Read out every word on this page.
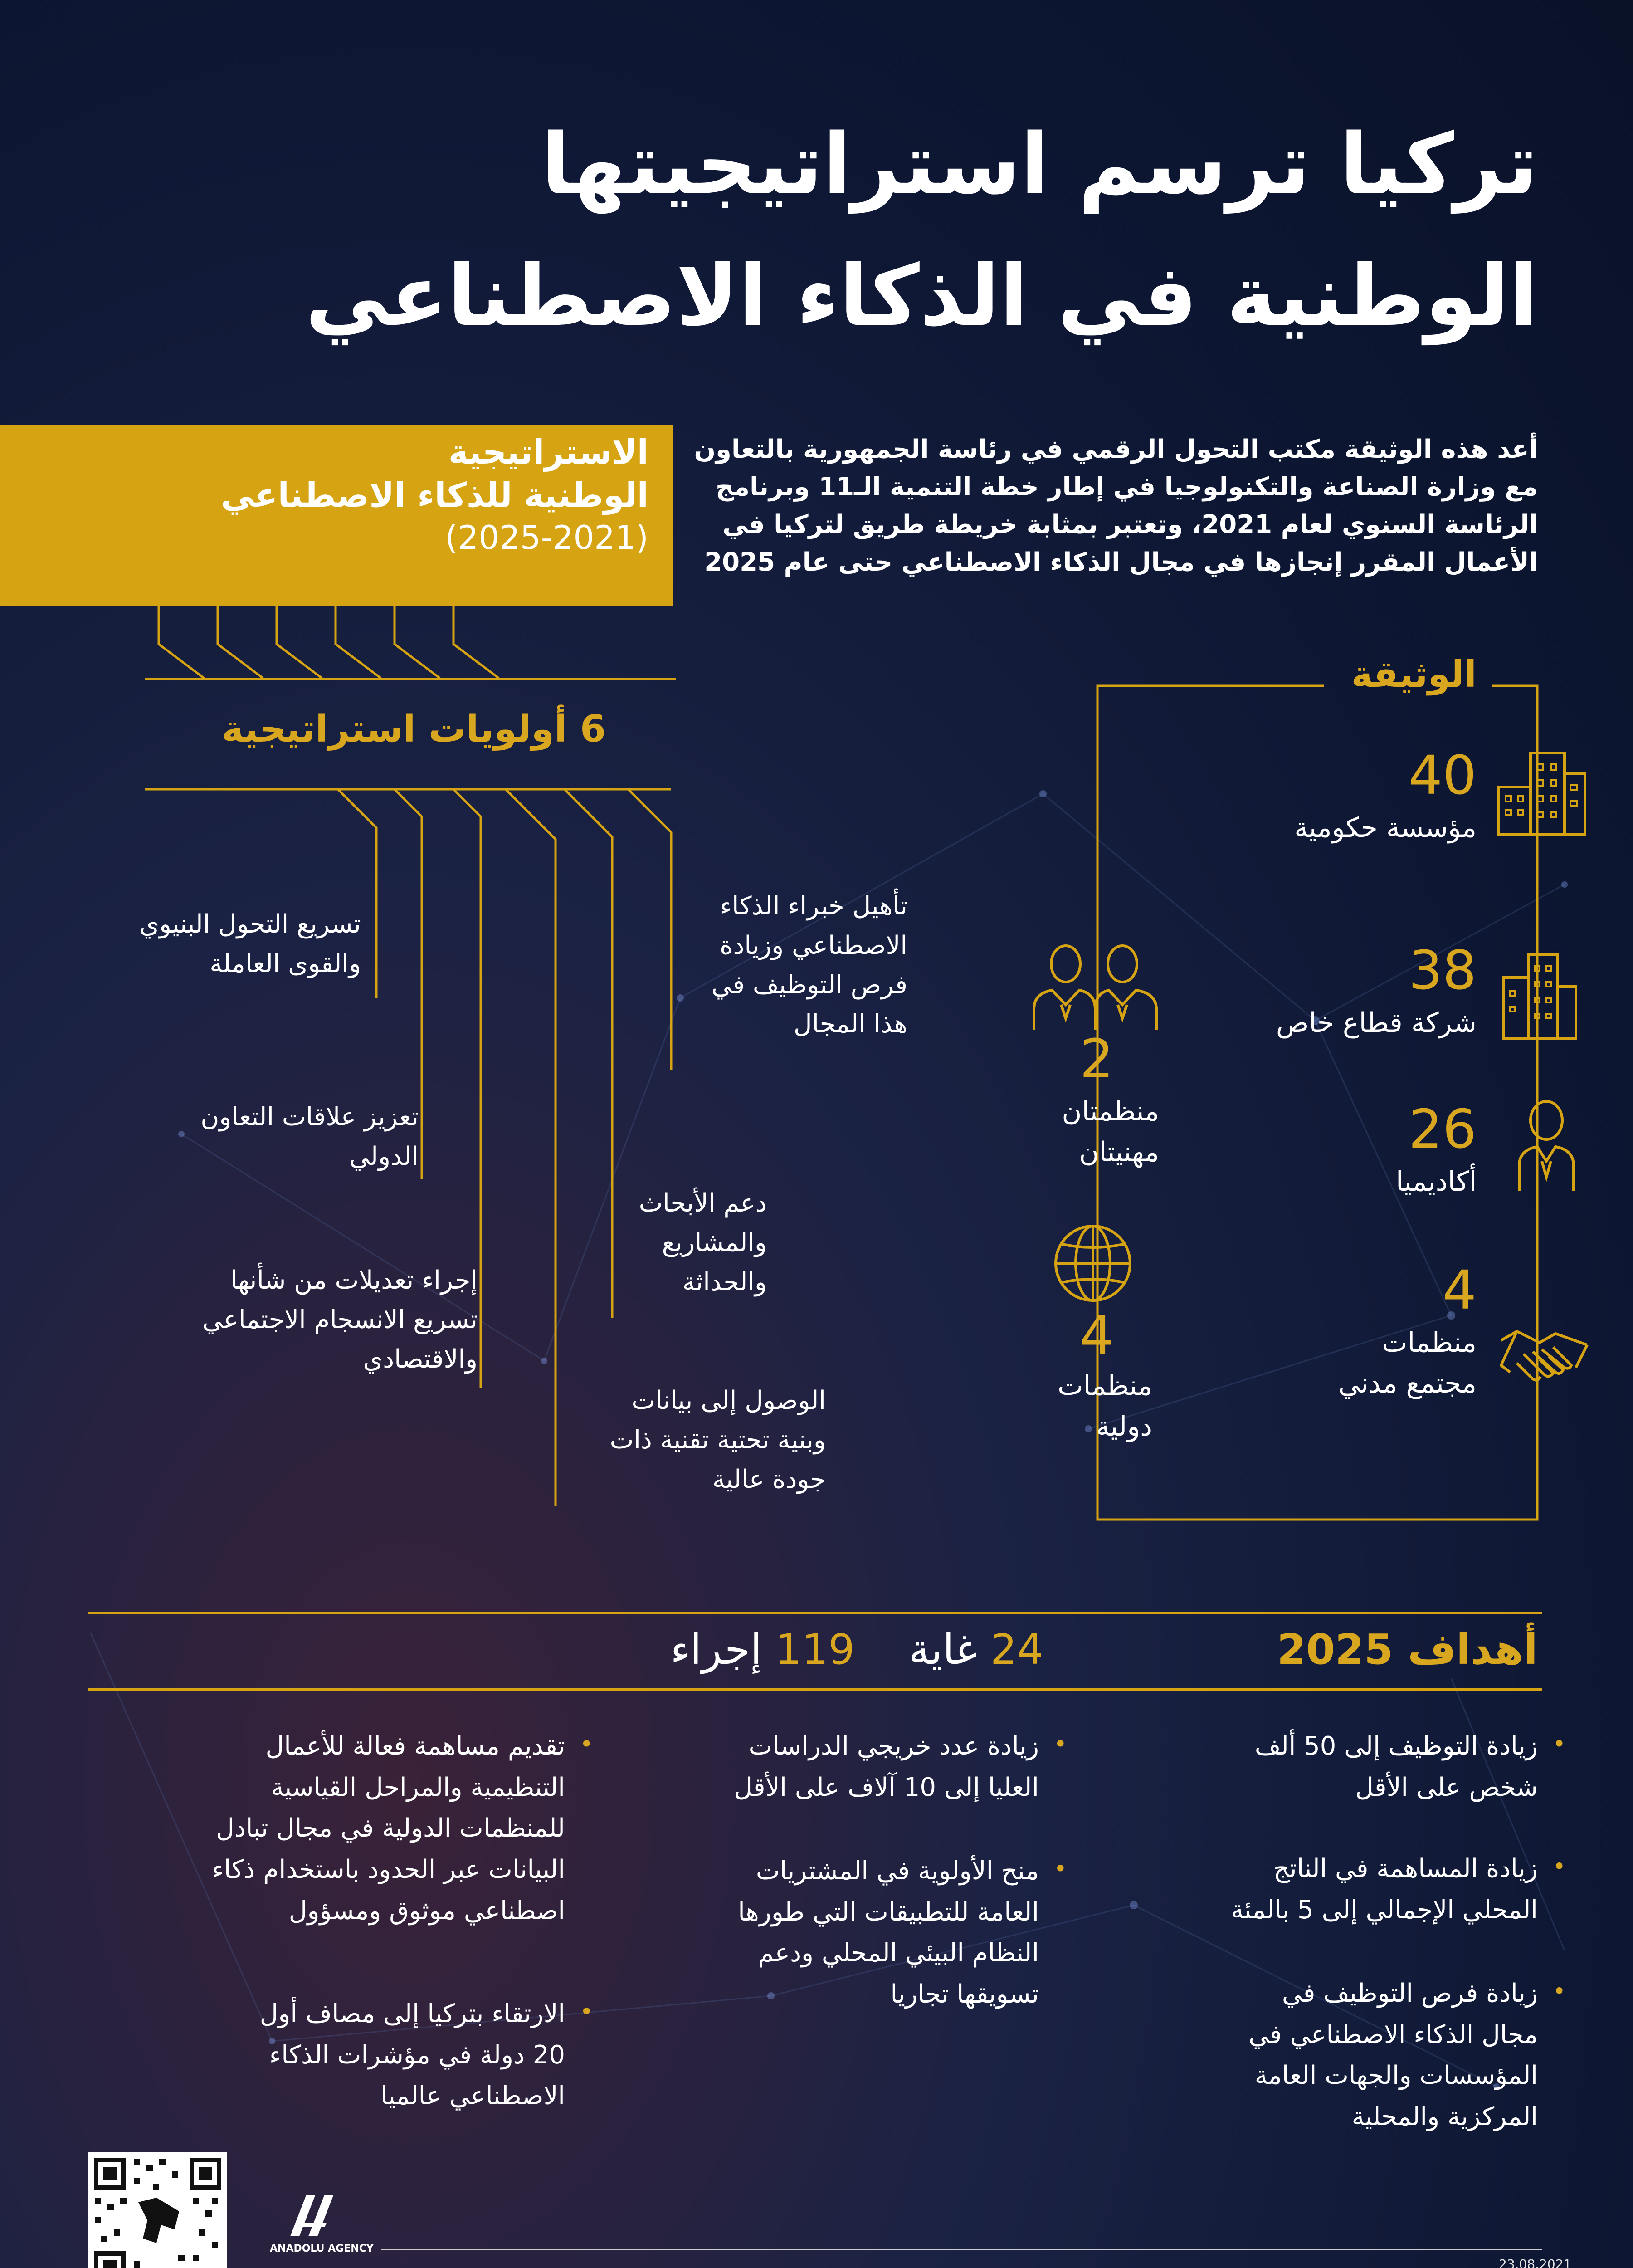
تركيا ترسم استراتيجيتها
الوطنية في الذكاء الاصطناعي
أعد هذه الوثيقة مكتب التحول الرقمي في رئاسة الجمهورية بالتعاون
مع وزارة الصناعة والتكنولوجيا في إطار خطة التنمية الـ11 وبرنامج
الرئاسة السنوي لعام 2021، وتعتبر بمثابة خريطة طريق لتركيا في
الأعمال المقرر إنجازها في مجال الذكاء الاصطناعي حتى عام 2025
الاستراتيجية
الوطنية للذكاء الاصطناعي
(2025-2021)
6 أولويات استراتيجية
تأهيل خبراء الذكاء
الاصطناعي وزيادة
فرص التوظيف في
هذا المجال
تسريع التحول البنيوي
والقوى العاملة
تعزيز علاقات التعاون
الدولي
دعم الأبحاث
والمشاريع
والحداثة
إجراء تعديلات من شأنها
تسريع الانسجام الاجتماعي
والاقتصادي
الوصول إلى بيانات
وبنية تحتية تقنية ذات
جودة عالية
الوثيقة
40
مؤسسة حكومية
38
شركة قطاع خاص
26
أكاديميا
4
منظمات
مجتمع مدني
2
منظمتان
مهنيتان
4
منظمات
دولية
أهداف 2025
24 غاية  119 إجراء
•
زيادة التوظيف إلى 50 ألف
شخص على الأقل
•
زيادة المساهمة في الناتج
المحلي الإجمالي إلى 5 بالمئة
•
زيادة فرص التوظيف في
مجال الذكاء الاصطناعي في
المؤسسات والجهات العامة
المركزية والمحلية
•
زيادة عدد خريجي الدراسات
العليا إلى 10 آلاف على الأقل
•
منح الأولوية في المشتريات
العامة للتطبيقات التي طورها
النظام البيئي المحلي ودعم
تسويقها تجاريا
•
تقديم مساهمة فعالة للأعمال
التنظيمية والمراحل القياسية
للمنظمات الدولية في مجال تبادل
البيانات عبر الحدود باستخدام ذكاء
اصطناعي موثوق ومسؤول
•
الارتقاء بتركيا إلى مصاف أول
20 دولة في مؤشرات الذكاء
الاصطناعي عالميا
ANADOLU AGENCY
23.08.2021
